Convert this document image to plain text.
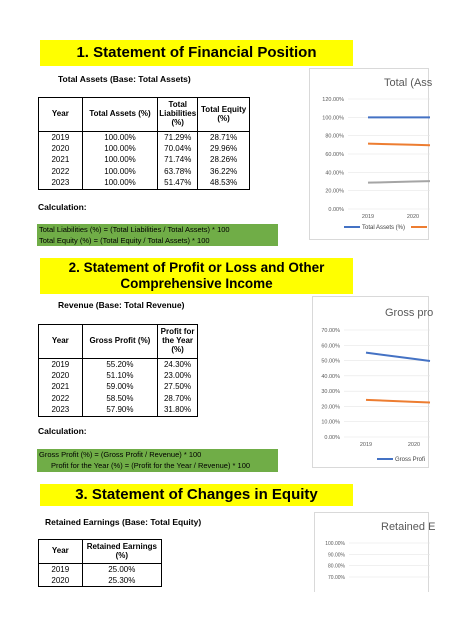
1. Statement of Financial Position
2. Statement of Profit or Loss and Other
Comprehensive Income
3. Statement of Changes in Equity
Total Assets (Base: Total Assets)
Year	Total Assets (%)	Total Liabilities (%)	Total Equity (%)
2019	100.00%	71.29%	28.71%
2020	100.00%	70.04%	29.96%
2021	100.00%	71.74%	28.26%
2022	100.00%	63.78%	36.22%
2023	100.00%	51.47%	48.53%
Calculation:
Total Liabilities (%) = (Total Liabilities / Total Assets) * 100
Total Equity (%) = (Total Equity / Total Assets) * 100
Revenue (Base: Total Revenue)
Year	Gross Profit (%)	Profit for the Year (%)
2019	55.20%	24.30%
2020	51.10%	23.00%
2021	59.00%	27.50%
2022	58.50%	28.70%
2023	57.90%	31.80%
Calculation:
Gross Profit (%) = (Gross Profit / Revenue) * 100
Profit for the Year (%) = (Profit for the Year / Revenue) * 100
Retained Earnings (Base: Total Equity)
Year	Retained Earnings (%)
2019	25.00%
2020	25.30%
Total (Ass
0.00%
20.00%
40.00%
60.00%
80.00%
100.00%
120.00%
2019	2020
Total Assets (%)
Gross pro
0.00%
10.00%
20.00%
30.00%
40.00%
50.00%
60.00%
70.00%
2019	2020
Gross Profi
Retained E
70.00%
80.00%
90.00%
100.00%
